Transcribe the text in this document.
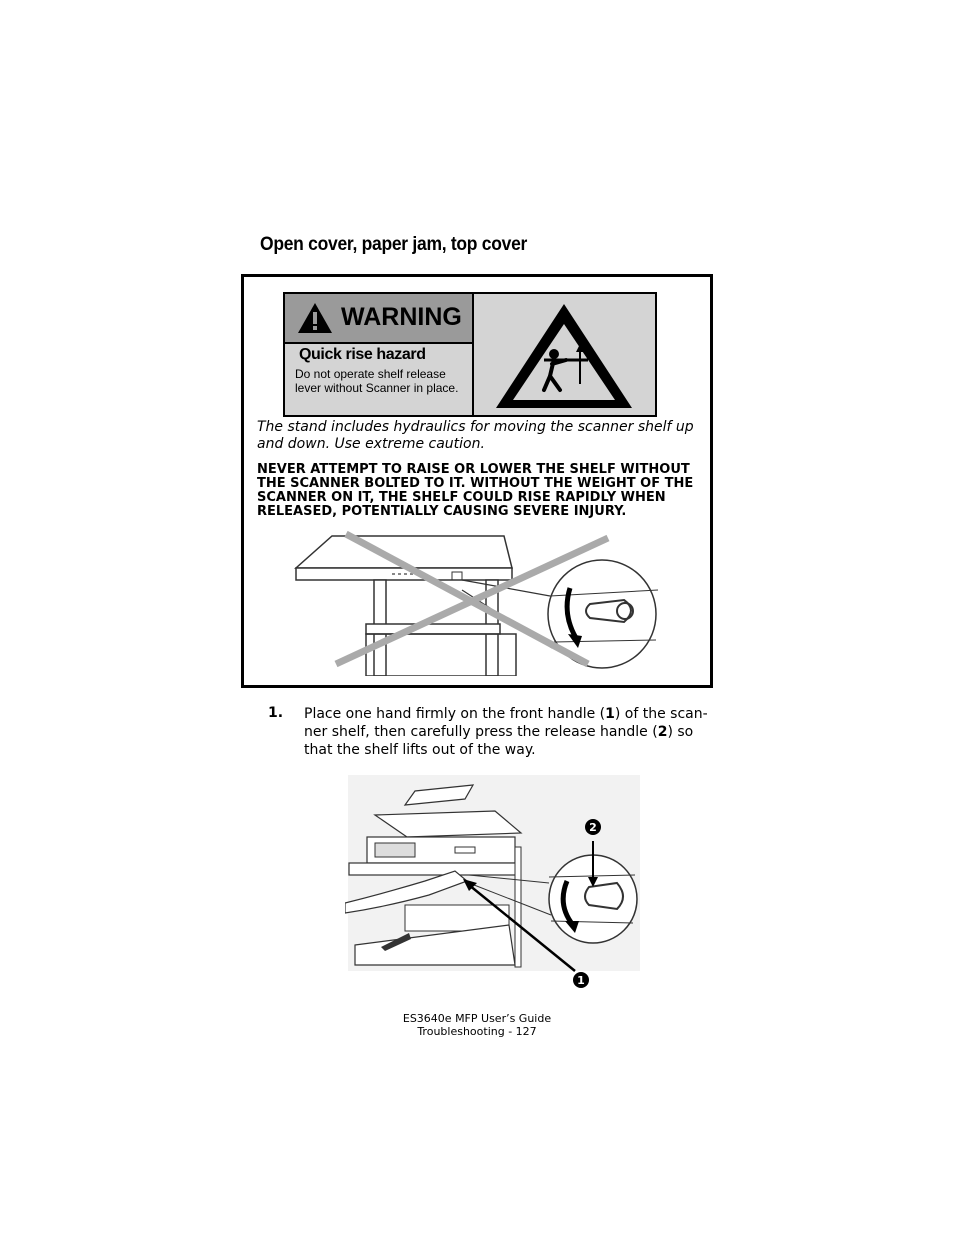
Open cover, paper jam, top cover
WARNING
Quick rise hazard
Do not operate shelf release lever without Scanner in place.
The stand includes hydraulics for moving the scanner shelf up and down. Use extreme caution.
NEVER ATTEMPT TO RAISE OR LOWER THE SHELF WITHOUT THE SCANNER BOLTED TO IT. WITHOUT THE WEIGHT OF THE SCANNER ON IT, THE SHELF COULD RISE RAPIDLY WHEN RELEASED, POTENTIALLY CAUSING SEVERE INJURY.
1. Place one hand firmly on the front handle (1) of the scan-ner shelf, then carefully press the release handle (2) so that the shelf lifts out of the way.
2
1
ES3640e MFP User’s Guide
Troubleshooting - 127
